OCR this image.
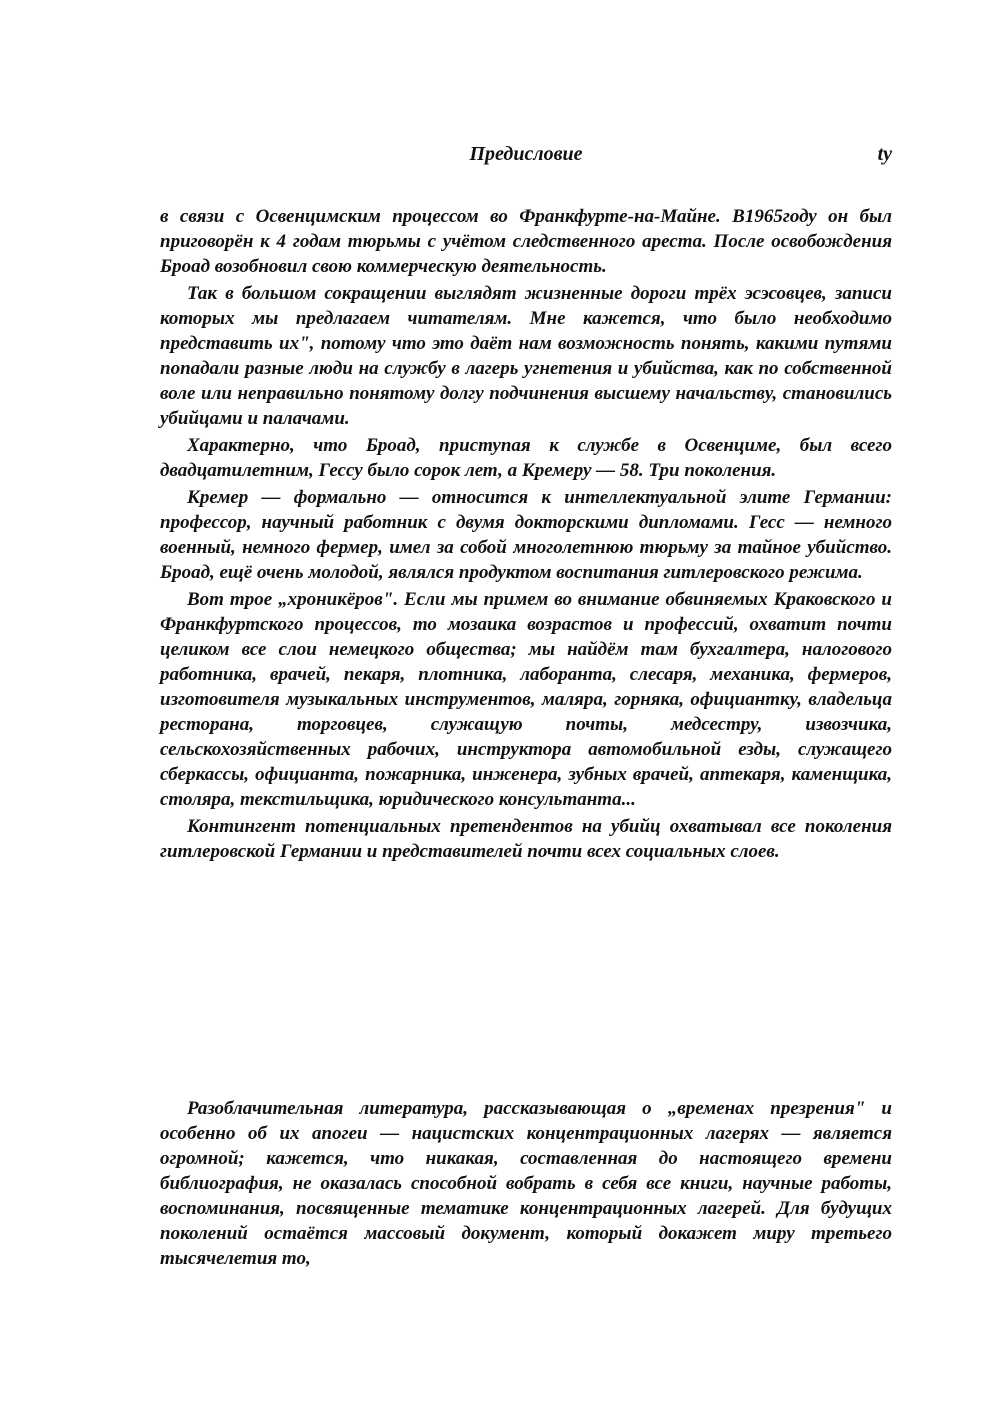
Предисловие	ty

в связи с Освенцимским процессом во Франкфурте-на-Майне. В1965году он был приговорён к 4 годам тюрьмы с учётом следственного ареста. После освобождения Броад возобновил свою коммерческую деятельность.

Так в большом сокращении выглядят жизненные дороги трёх эсэсовцев, записи которых мы предлагаем читателям. Мне кажется, что было необходимо представить их", потому что это даёт нам возможность понять, какими путями попадали разные люди на службу в лагерь угнетения и убийства, как по собственной воле или неправильно понятому долгу подчинения высшему начальству, становились убийцами и палачами.

Характерно, что Броад, приступая к службе в Освенциме, был всего двадцатилетним, Гессу было сорок лет, а Кремеру — 58. Три поколения.

Кремер — формально — относится к интеллектуальной элите Германии: профессор, научный работник с двумя докторскими дипломами. Гесс — немного военный, немного фермер, имел за собой многолетнюю тюрьму за тайное убийство. Броад, ещё очень молодой, являлся продуктом воспитания гитлеровского режима.

Вот трое „хроникёров". Если мы примем во внимание обвиняемых Краковского и Франкфуртского процессов, то мозаика возрастов и профессий, охватит почти целиком все слои немецкого общества; мы найдём там бухгалтера, налогового работника, врачей, пекаря, плотника, лаборанта, слесаря, механика, фермеров, изготовителя музыкальных инструментов, маляра, горняка, официантку, владельца ресторана, торговцев, служащую почты, медсестру, извозчика, сельскохозяйственных рабочих, инструктора автомобильной езды, служащего сберкассы, официанта, пожарника, инженера, зубных врачей, аптекаря, каменщика, столяра, текстильщика, юридического консультанта...

Контингент потенциальных претендентов на убийц охватывал все поколения гитлеровской Германии и представителей почти всех социальных слоев.

Разоблачительная литература, рассказывающая о „временах презрения" и особенно об их апогеи — нацистских концентрационных лагерях — является огромной; кажется, что никакая, составленная до настоящего времени библиография, не оказалась способной вобрать в себя все книги, научные работы, воспоминания, посвященные тематике концентрационных лагерей. Для будущих поколений остаётся массовый документ, который докажет миру третьего тысячелетия то,
